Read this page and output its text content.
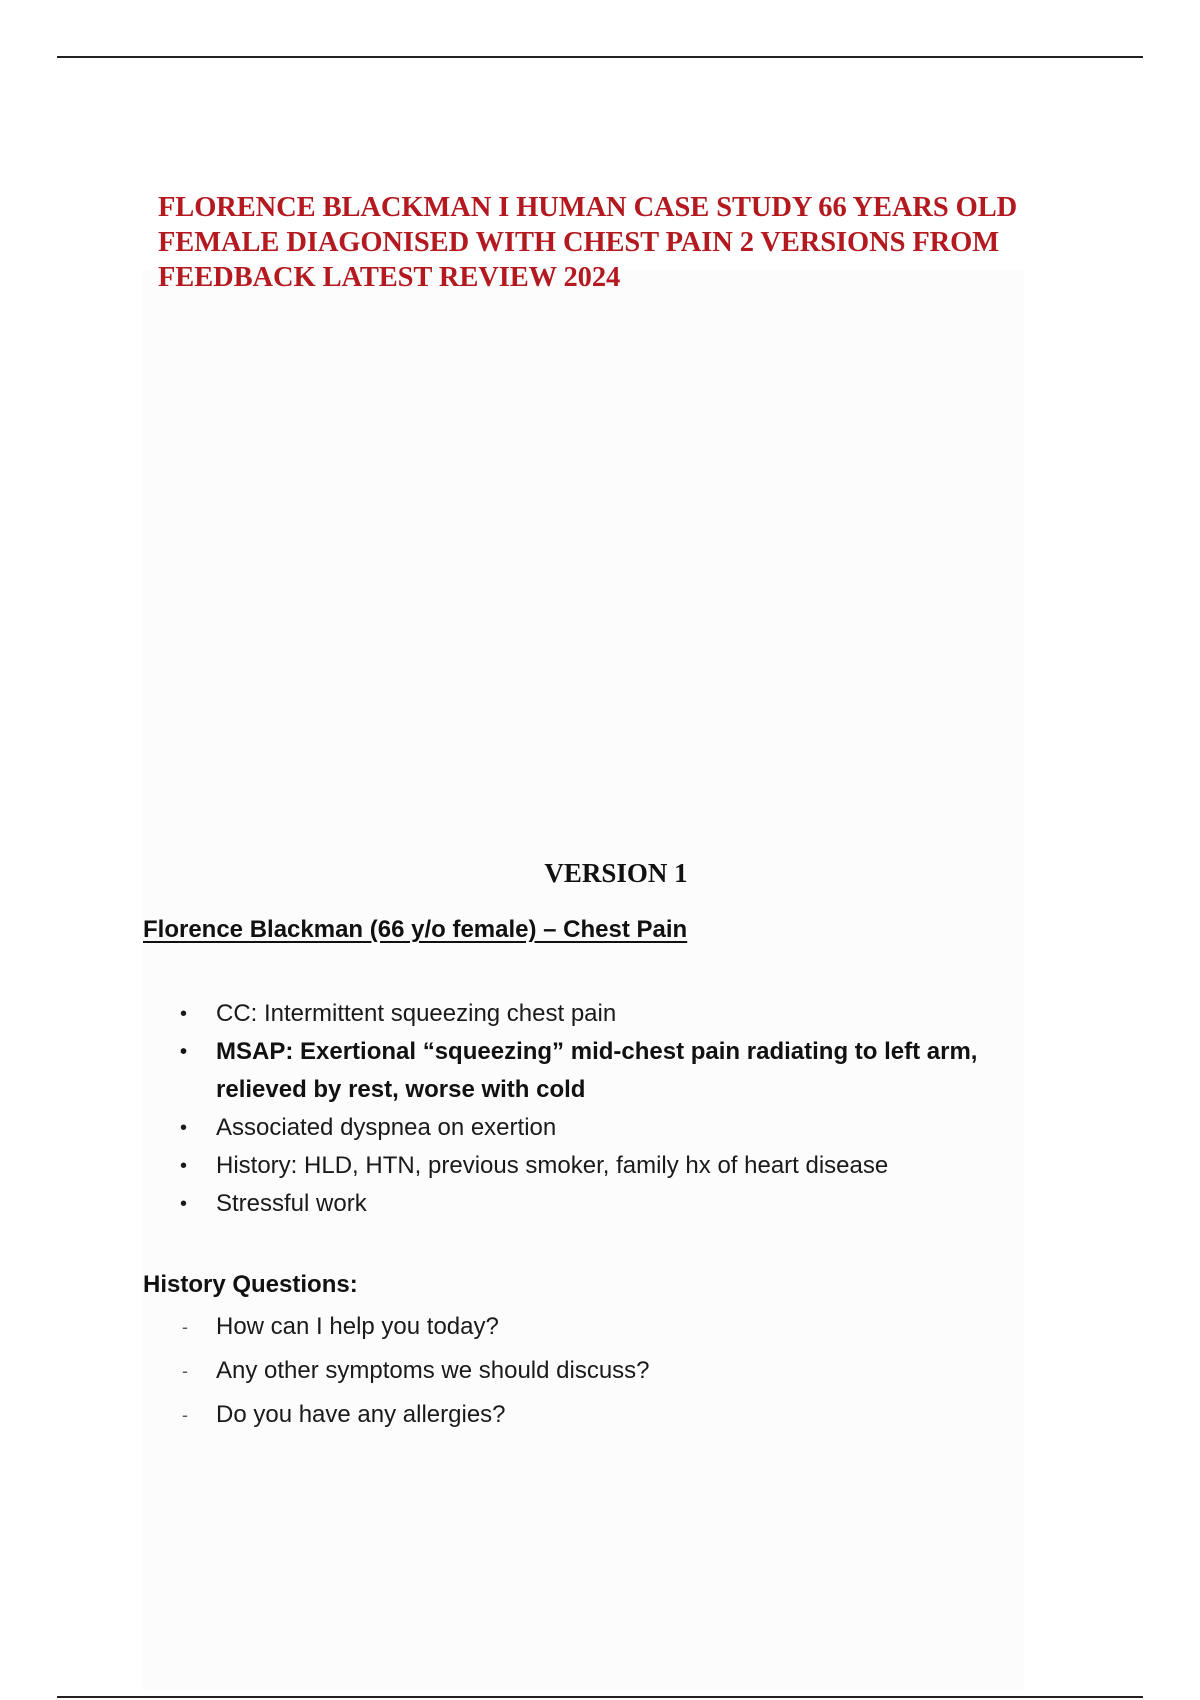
FLORENCE BLACKMAN I HUMAN CASE STUDY 66 YEARS OLD
FEMALE DIAGONISED WITH CHEST PAIN 2 VERSIONS FROM
FEEDBACK LATEST REVIEW 2024
VERSION 1
Florence Blackman (66 y/o female) – Chest Pain
• CC: Intermittent squeezing chest pain
• MSAP: Exertional “squeezing” mid-chest pain radiating to left arm, relieved by rest, worse with cold
• Associated dyspnea on exertion
• History: HLD, HTN, previous smoker, family hx of heart disease
• Stressful work
History Questions:
- How can I help you today?
- Any other symptoms we should discuss?
- Do you have any allergies?
